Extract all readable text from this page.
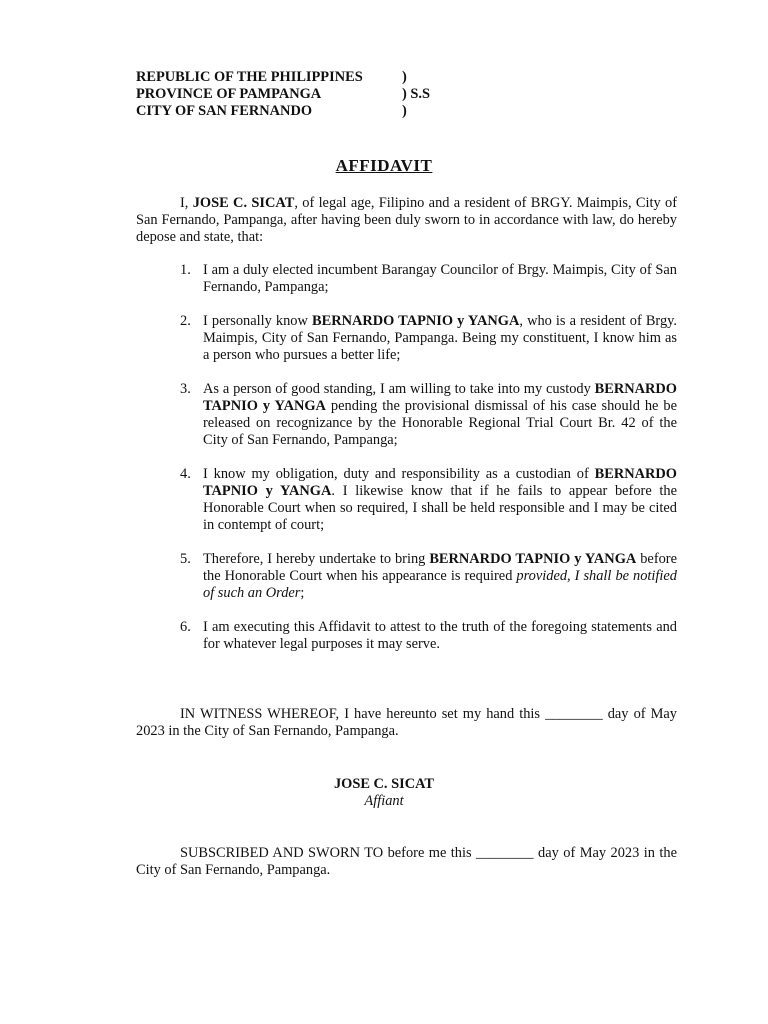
REPUBLIC OF THE PHILIPPINES	)
PROVINCE OF PAMPANGA	) S.S
CITY OF SAN FERNANDO	)
AFFIDAVIT

I, JOSE C. SICAT, of legal age, Filipino and a resident of BRGY. Maimpis, City of San Fernando, Pampanga, after having been duly sworn to in accordance with law, do hereby depose and state, that:

1. I am a duly elected incumbent Barangay Councilor of Brgy. Maimpis, City of San Fernando, Pampanga;
2. I personally know BERNARDO TAPNIO y YANGA, who is a resident of Brgy. Maimpis, City of San Fernando, Pampanga. Being my constituent, I know him as a person who pursues a better life;
3. As a person of good standing, I am willing to take into my custody BERNARDO TAPNIO y YANGA pending the provisional dismissal of his case should he be released on recognizance by the Honorable Regional Trial Court Br. 42 of the City of San Fernando, Pampanga;
4. I know my obligation, duty and responsibility as a custodian of BERNARDO TAPNIO y YANGA. I likewise know that if he fails to appear before the Honorable Court when so required, I shall be held responsible and I may be cited in contempt of court;
5. Therefore, I hereby undertake to bring BERNARDO TAPNIO y YANGA before the Honorable Court when his appearance is required provided, I shall be notified of such an Order;
6. I am executing this Affidavit to attest to the truth of the foregoing statements and for whatever legal purposes it may serve.

IN WITNESS WHEREOF, I have hereunto set my hand this ________ day of May 2023 in the City of San Fernando, Pampanga.

JOSE C. SICAT
Affiant

SUBSCRIBED AND SWORN TO before me this ________ day of May 2023 in the City of San Fernando, Pampanga.
